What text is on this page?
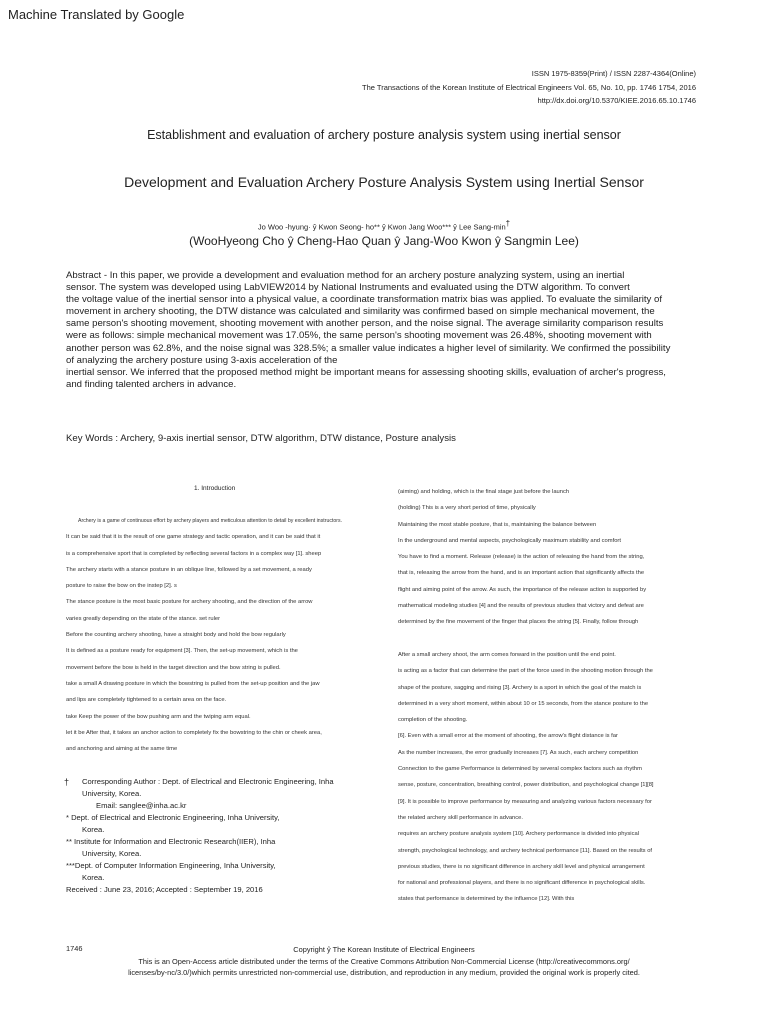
Machine Translated by Google
ISSN 1975-8359(Print) / ISSN 2287-4364(Online)
The Transactions of the Korean Institute of Electrical Engineers Vol. 65, No. 10, pp. 1746 1754, 2016
http://dx.doi.org/10.5370/KIEE.2016.65.10.1746
Establishment and evaluation of archery posture analysis system using inertial sensor
Development and Evaluation Archery Posture Analysis System using Inertial Sensor
Jo Woo -hyung· ŷ Kwon Seong- ho** ŷ Kwon Jang Woo*** ŷ Lee Sang-min†
(WooHyeong Cho ŷ Cheng-Hao Quan ŷ Jang-Woo Kwon ŷ Sangmin Lee)

Abstract - In this paper, we provide a development and evaluation method for an archery posture analyzing system, using an inertial

sensor. The system was developed using LabVIEW2014 by National Instruments and evaluated using the DTW algorithm. To convert

the voltage value of the inertial sensor into a physical value, a coordinate transformation matrix bias was applied. To evaluate the similarity of

movement in archery shooting, the DTW distance was calculated and similarity was confirmed based on simple mechanical movement, the

same person's shooting movement, shooting movement with another person, and the noise signal. The average similarity comparison results

were as follows: simple mechanical movement was 17.05%, the same person's shooting movement was 26.48%, shooting movement with

another person was 62.8%, and the noise signal was 328.5%; a smaller value indicates a higher level of similarity. We confirmed the possibility

of analyzing the archery posture using 3-axis acceleration of the

inertial sensor. We inferred that the proposed method might be important means for assessing shooting skills, evaluation of archer's progress,

and finding talented archers in advance.

Key Words : Archery, 9-axis inertial sensor, DTW algorithm, DTW distance, Posture analysis
1. Introduction
Archery is a game of continuous effort by archery players and meticulous attention to detail by excellent instructors.
It can be said that it is the result of one game strategy and tactic operation, and it can be said that it
is a comprehensive sport that is completed by reflecting several factors in a complex way [1]. sheep
The archery starts with a stance posture in an oblique line, followed by a set movement, a ready
posture to raise the bow on the instep [2]. s
The stance posture is the most basic posture for archery shooting, and the direction of the arrow
varies greatly depending on the state of the stance. set ruler
Before the counting archery shooting, have a straight body and hold the bow regularly
It is defined as a posture ready for equipment [3]. Then, the set-up movement, which is the
movement before the bow is held in the target direction and the bow string is pulled.
take a small A drawing posture in which the bowstring is pulled from the set-up position and the jaw
and lips are completely tightened to a certain area on the face.
take Keep the power of the bow pushing arm and the twiping arm equal.
let it be After that, it takes an anchor action to completely fix the bowstring to the chin or cheek area,
and anchoring and aiming at the same time
(aiming) and holding, which is the final stage just before the launch
(holding) This is a very short period of time, physically
Maintaining the most stable posture, that is, maintaining the balance between
In the underground and mental aspects, psychologically maximum stability and comfort
You have to find a moment. Release (release) is the action of releasing the hand from the string,
that is, releasing the arrow from the hand, and is an important action that significantly affects the
flight and aiming point of the arrow. As such, the importance of the release action is supported by
mathematical modeling studies [4] and the results of previous studies that victory and defeat are
determined by the fine movement of the finger that places the string [5]. Finally, follow through
After a small archery shoot, the arm comes forward in the position until the end point.
is acting as a factor that can determine the part of the force used in the shooting motion through the
shape of the posture, sagging and rising [3]. Archery is a sport in which the goal of the match is
determined in a very short moment, within about 10 or 15 seconds, from the stance posture to the
completion of the shooting.
[6]. Even with a small error at the moment of shooting, the arrow's flight distance is far
As the number increases, the error gradually increases [7]. As such, each archery competition
Connection to the game Performance is determined by several complex factors such as rhythm
sense, posture, concentration, breathing control, power distribution, and psychological change [1][8]
[9]. It is possible to improve performance by measuring and analyzing various factors necessary for
the related archery skill performance in advance.
requires an archery posture analysis system [10]. Archery performance is divided into physical
strength, psychological technology, and archery technical performance [11]. Based on the results of
previous studies, there is no significant difference in archery skill level and physical arrangement
for national and professional players, and there is no significant difference in psychological skills.
states that performance is determined by the influence [12]. With this
†	Corresponding Author : Dept. of Electrical and Electronic Engineering, Inha
University, Korea.
Email: sanglee@inha.ac.kr
* Dept. of Electrical and Electronic Engineering, Inha University,
Korea.
** Institute for Information and Electronic Research(IIER), Inha
University, Korea.
***Dept. of Computer Information Engineering, Inha University,
Korea.
Received : June 23, 2016; Accepted : September 19, 2016
1746	Copyright ŷ The Korean Institute of Electrical Engineers
This is an Open-Access article distributed under the terms of the Creative Commons Attribution Non-Commercial License (http://creativecommons.org/
licenses/by-nc/3.0/)which permits unrestricted non-commercial use, distribution, and reproduction in any medium, provided the original work is properly cited.
